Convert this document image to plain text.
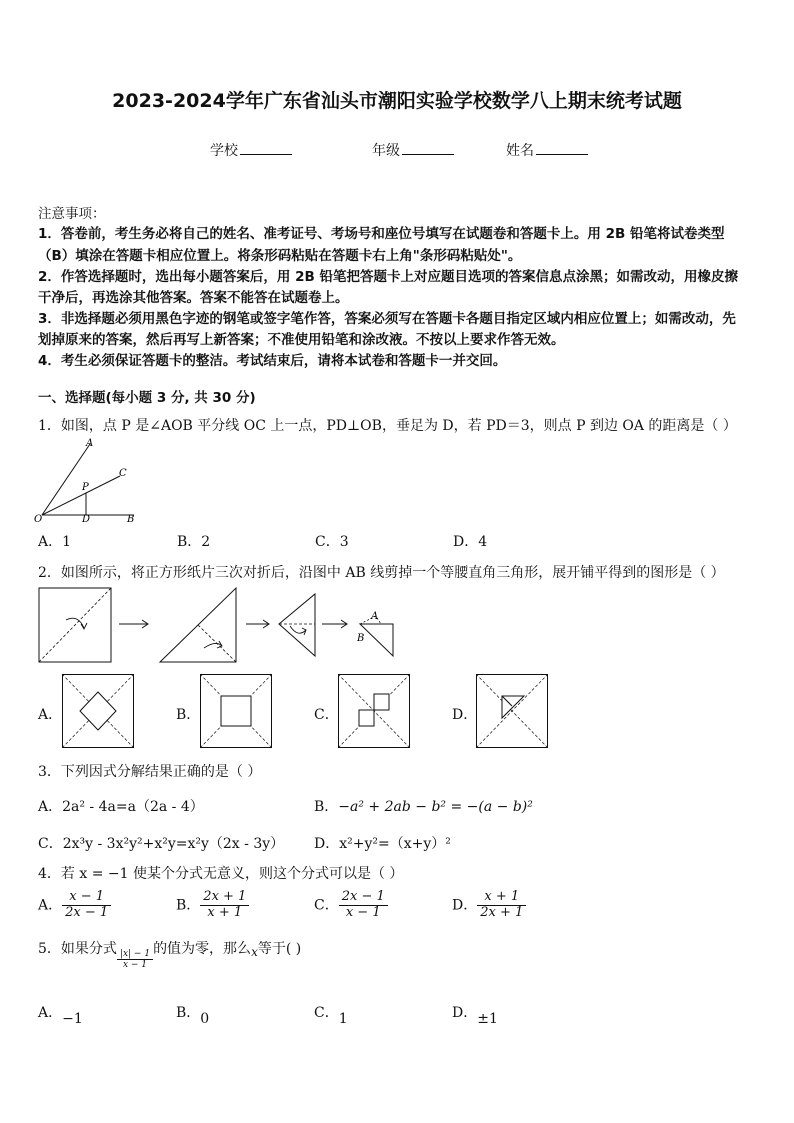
2023-2024学年广东省汕头市潮阳实验学校数学八上期末统考试题
学校	年级	姓名
注意事项：
1．答卷前，考生务必将自己的姓名、准考证号、考场号和座位号填写在试题卷和答题卡上。用 2B 铅笔将试卷类型
（B）填涂在答题卡相应位置上。将条形码粘贴在答题卡右上角"条形码粘贴处"。
2．作答选择题时，选出每小题答案后，用 2B 铅笔把答题卡上对应题目选项的答案信息点涂黑；如需改动，用橡皮擦
干净后，再选涂其他答案。答案不能答在试题卷上。
3．非选择题必须用黑色字迹的钢笔或签字笔作答，答案必须写在答题卡各题目指定区域内相应位置上；如需改动，先
划掉原来的答案，然后再写上新答案；不准使用铅笔和涂改液。不按以上要求作答无效。
4．考生必须保证答题卡的整洁。考试结束后，请将本试卷和答题卡一并交回。
一、选择题(每小题 3 分, 共 30 分)
1．如图，点 P 是∠AOB 平分线 OC 上一点，PD⊥OB，垂足为 D，若 PD＝3，则点 P 到边 OA 的距离是（ ）
A
C
P
O	D	B
A．1	B．2	C．3	D．4
2．如图所示，将正方形纸片三次对折后，沿图中 AB 线剪掉一个等腰直角三角形，展开铺平得到的图形是（ ）
A
B
A．	B．	C．	D．
3．下列因式分解结果正确的是（ ）
A．2a² - 4a=a（2a - 4）	B．−a² + 2ab − b² = −(a − b)²
C．2x³y - 3x²y²+x²y=x²y（2x - 3y） D．x²+y²=（x+y）²
4．若 x = −1 使某个分式无意义，则这个分式可以是（ ）
A． $\frac{x - 1}{2x - 1}$	B． $\frac{2x + 1}{x + 1}$	C． $\frac{2x - 1}{x - 1}$	D． $\frac{x + 1}{2x + 1}$
5．如果分式 $\frac{|x| - 1}{x - 1}$ 的值为零，那么x等于( )
A．−1	B．0	C．1	D．±1
